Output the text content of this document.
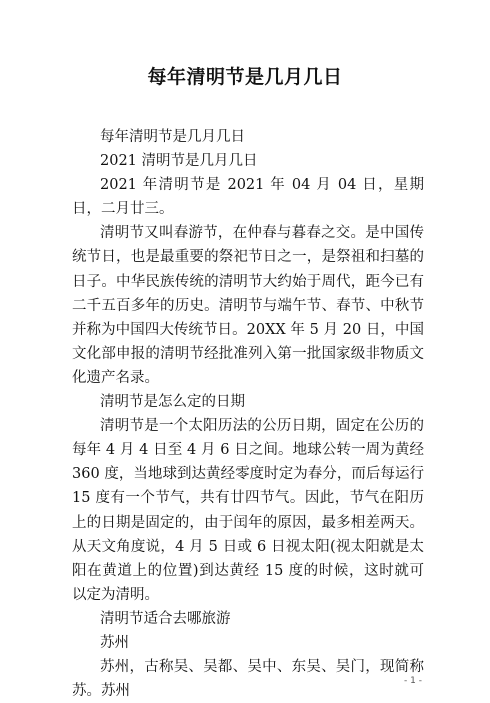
每年清明节是几月几日

每年清明节是几月几日

2021 清明节是几月几日

2021 年清明节是 2021 年 04 月 04 日，星期日，二月廿三。

清明节又叫春游节，在仲春与暮春之交。是中国传统节日，也是最重要的祭祀节日之一，是祭祖和扫墓的日子。中华民族传统的清明节大约始于周代，距今已有二千五百多年的历史。清明节与端午节、春节、中秋节并称为中国四大传统节日。20XX 年 5 月 20 日，中国文化部申报的清明节经批准列入第一批国家级非物质文化遗产名录。

清明节是怎么定的日期

清明节是一个太阳历法的公历日期，固定在公历的每年 4 月 4 日至 4 月 6 日之间。地球公转一周为黄经 360 度，当地球到达黄经零度时定为春分，而后每运行 15 度有一个节气，共有廿四节气。因此，节气在阳历上的日期是固定的，由于闰年的原因，最多相差两天。从天文角度说，4 月 5 日或 6 日视太阳(视太阳就是太阳在黄道上的位置)到达黄经 15 度的时候，这时就可以定为清明。

清明节适合去哪旅游

苏州

苏州，古称吴、吴都、吴中、东吴、吴门，现简称苏。苏州

- 1 -
